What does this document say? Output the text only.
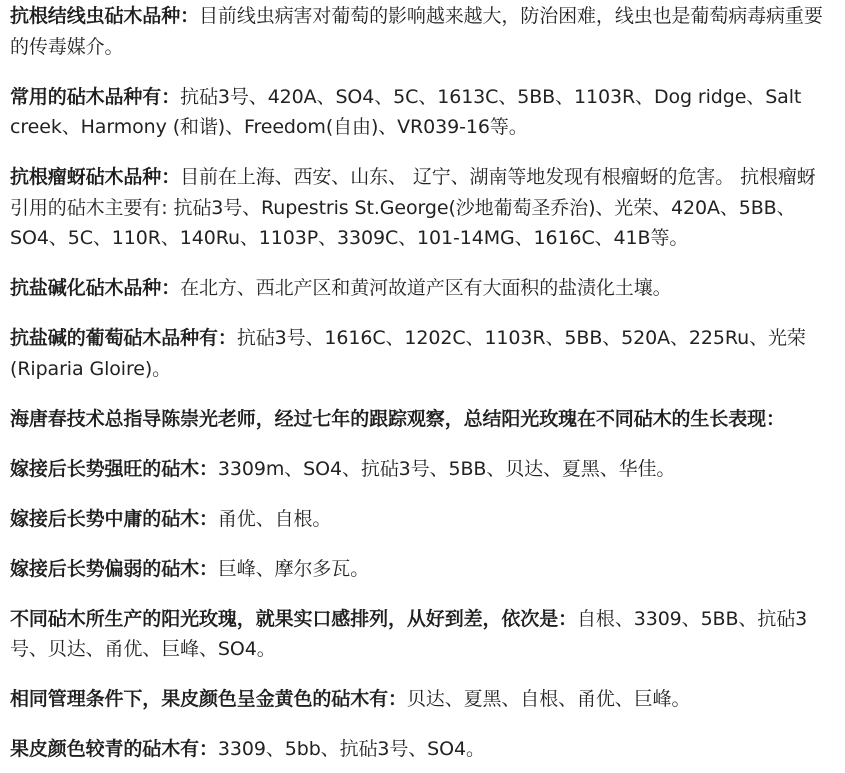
抗根结线虫砧木品种：目前线虫病害对葡萄的影响越来越大，防治困难，线虫也是葡萄病毒病重要的传毒媒介。

常用的砧木品种有：抗砧3号、420A、SO4、5C、1613C、5BB、1103R、Dog ridge、Salt creek、Harmony (和谐)、Freedom(自由)、VR039-16等。

抗根瘤蚜砧木品种：目前在上海、西安、山东、 辽宁、湖南等地发现有根瘤蚜的危害。 抗根瘤蚜引用的砧木主要有: 抗砧3号、Rupestris St.George(沙地葡萄圣乔治)、光荣、420A、5BB、SO4、5C、110R、140Ru、1103P、3309C、101-14MG、1616C、41B等。

抗盐碱化砧木品种：在北方、西北产区和黄河故道产区有大面积的盐渍化土壤。

抗盐碱的葡萄砧木品种有：抗砧3号、1616C、1202C、1103R、5BB、520A、225Ru、光荣(Riparia Gloire)。

海唐春技术总指导陈崇光老师，经过七年的跟踪观察，总结阳光玫瑰在不同砧木的生长表现：

嫁接后长势强旺的砧木：3309m、SO4、抗砧3号、5BB、贝达、夏黑、华佳。

嫁接后长势中庸的砧木：甬优、自根。

嫁接后长势偏弱的砧木：巨峰、摩尔多瓦。

不同砧木所生产的阳光玫瑰，就果实口感排列，从好到差，依次是：自根、3309、5BB、抗砧3号、贝达、甬优、巨峰、SO4。

相同管理条件下，果皮颜色呈金黄色的砧木有：贝达、夏黑、自根、甬优、巨峰。

果皮颜色较青的砧木有：3309、5bb、抗砧3号、SO4。
